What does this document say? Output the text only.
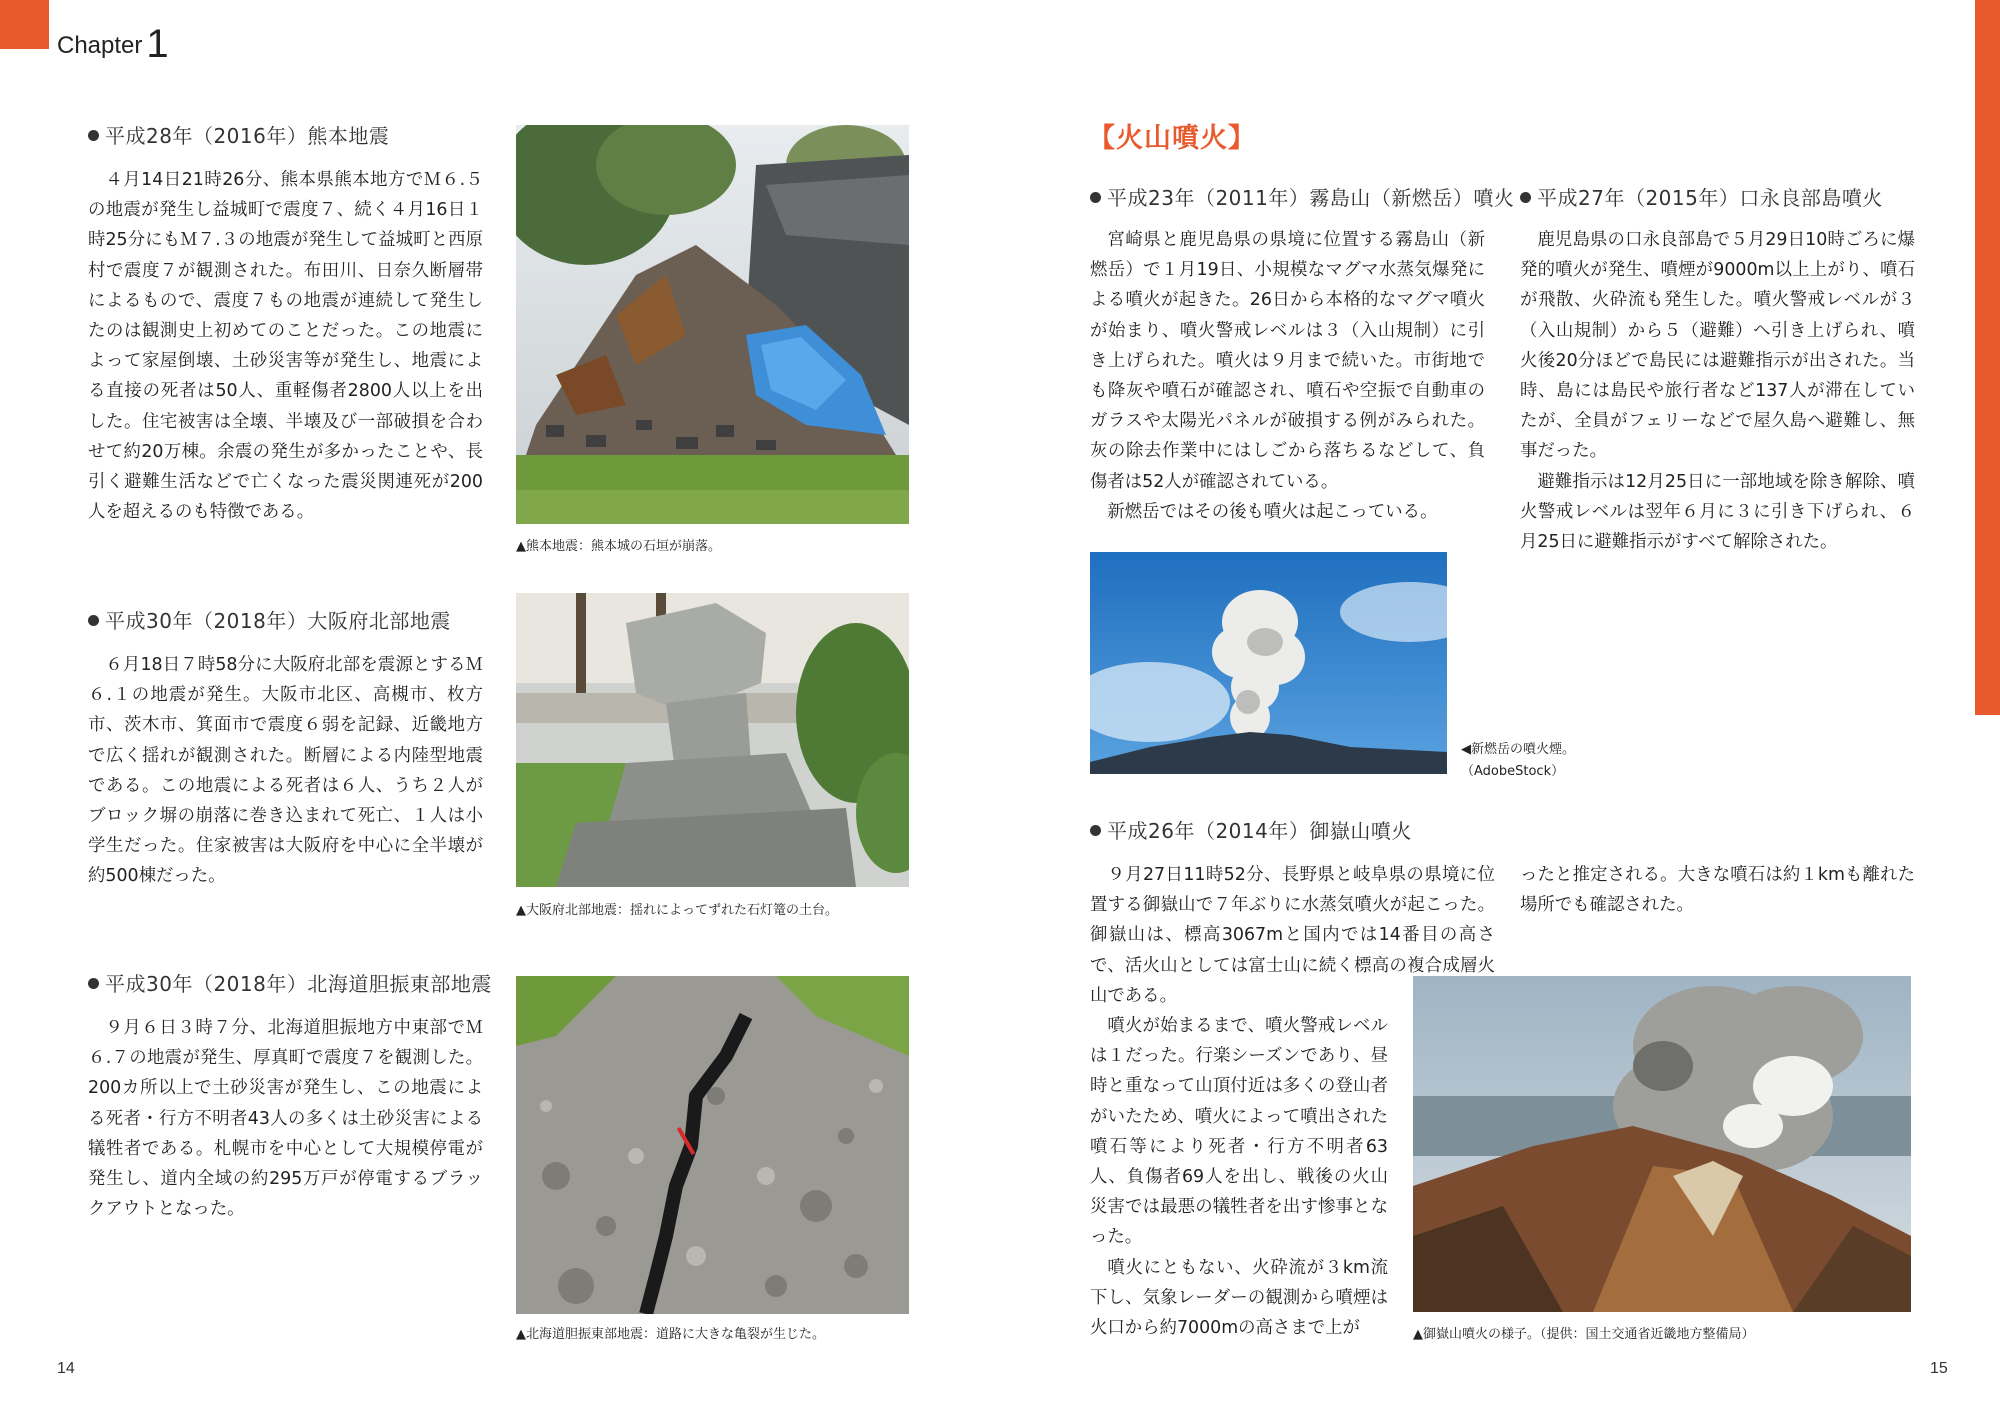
Chapter 1
平成28年（2016年）熊本地震

４月14日21時26分、熊本県熊本地方でＭ６.５の地震が発生し益城町で震度７、続く４月16日１時25分にもＭ７.３の地震が発生して益城町と西原村で震度７が観測された。布田川、日奈久断層帯によるもので、震度７もの地震が連続して発生したのは観測史上初めてのことだった。この地震によって家屋倒壊、土砂災害等が発生し、地震による直接の死者は50人、重軽傷者2800人以上を出した。住宅被害は全壊、半壊及び一部破損を合わせて約20万棟。余震の発生が多かったことや、長引く避難生活などで亡くなった震災関連死が200人を超えるのも特徴である。

▲熊本地震：熊本城の石垣が崩落。
平成30年（2018年）大阪府北部地震

６月18日７時58分に大阪府北部を震源とするＭ６.１の地震が発生。大阪市北区、高槻市、枚方市、茨木市、箕面市で震度６弱を記録、近畿地方で広く揺れが観測された。断層による内陸型地震である。この地震による死者は６人、うち２人がブロック塀の崩落に巻き込まれて死亡、１人は小学生だった。住家被害は大阪府を中心に全半壊が約500棟だった。

▲大阪府北部地震：揺れによってずれた石灯篭の土台。
平成30年（2018年）北海道胆振東部地震

９月６日３時７分、北海道胆振地方中東部でＭ６.７の地震が発生、厚真町で震度７を観測した。200カ所以上で土砂災害が発生し、この地震による死者・行方不明者43人の多くは土砂災害による犠牲者である。札幌市を中心として大規模停電が発生し、道内全域の約295万戸が停電するブラックアウトとなった。

▲北海道胆振東部地震：道路に大きな亀裂が生じた。
14
【火山噴火】
平成23年（2011年）霧島山（新燃岳）噴火

宮崎県と鹿児島県の県境に位置する霧島山（新燃岳）で１月19日、小規模なマグマ水蒸気爆発による噴火が起きた。26日から本格的なマグマ噴火が始まり、噴火警戒レベルは３（入山規制）に引き上げられた。噴火は９月まで続いた。市街地でも降灰や噴石が確認され、噴石や空振で自動車のガラスや太陽光パネルが破損する例がみられた。灰の除去作業中にはしごから落ちるなどして、負傷者は52人が確認されている。

新燃岳ではその後も噴火は起こっている。

◀新燃岳の噴火煙。
（AdobeStock）
平成27年（2015年）口永良部島噴火

鹿児島県の口永良部島で５月29日10時ごろに爆発的噴火が発生、噴煙が9000m以上上がり、噴石が飛散、火砕流も発生した。噴火警戒レベルが３（入山規制）から５（避難）へ引き上げられ、噴火後20分ほどで島民には避難指示が出された。当時、島には島民や旅行者など137人が滞在していたが、全員がフェリーなどで屋久島へ避難し、無事だった。

避難指示は12月25日に一部地域を除き解除、噴火警戒レベルは翌年６月に３に引き下げられ、６月25日に避難指示がすべて解除された。

平成26年（2014年）御嶽山噴火

９月27日11時52分、長野県と岐阜県の県境に位置する御嶽山で７年ぶりに水蒸気噴火が起こった。御嶽山は、標高3067mと国内では14番目の高さで、活火山としては富士山に続く標高の複合成層火山である。

噴火が始まるまで、噴火警戒レベルは１だった。行楽シーズンであり、昼時と重なって山頂付近は多くの登山者がいたため、噴火によって噴出された噴石等により死者・行方不明者63人、負傷者69人を出し、戦後の火山災害では最悪の犠牲者を出す惨事となった。

噴火にともない、火砕流が３km流下し、気象レーダーの観測から噴煙は火口から約7000mの高さまで上が

ったと推定される。大きな噴石は約１kmも離れた場所でも確認された。

▲御嶽山噴火の様子。（提供：国土交通省近畿地方整備局）
15
